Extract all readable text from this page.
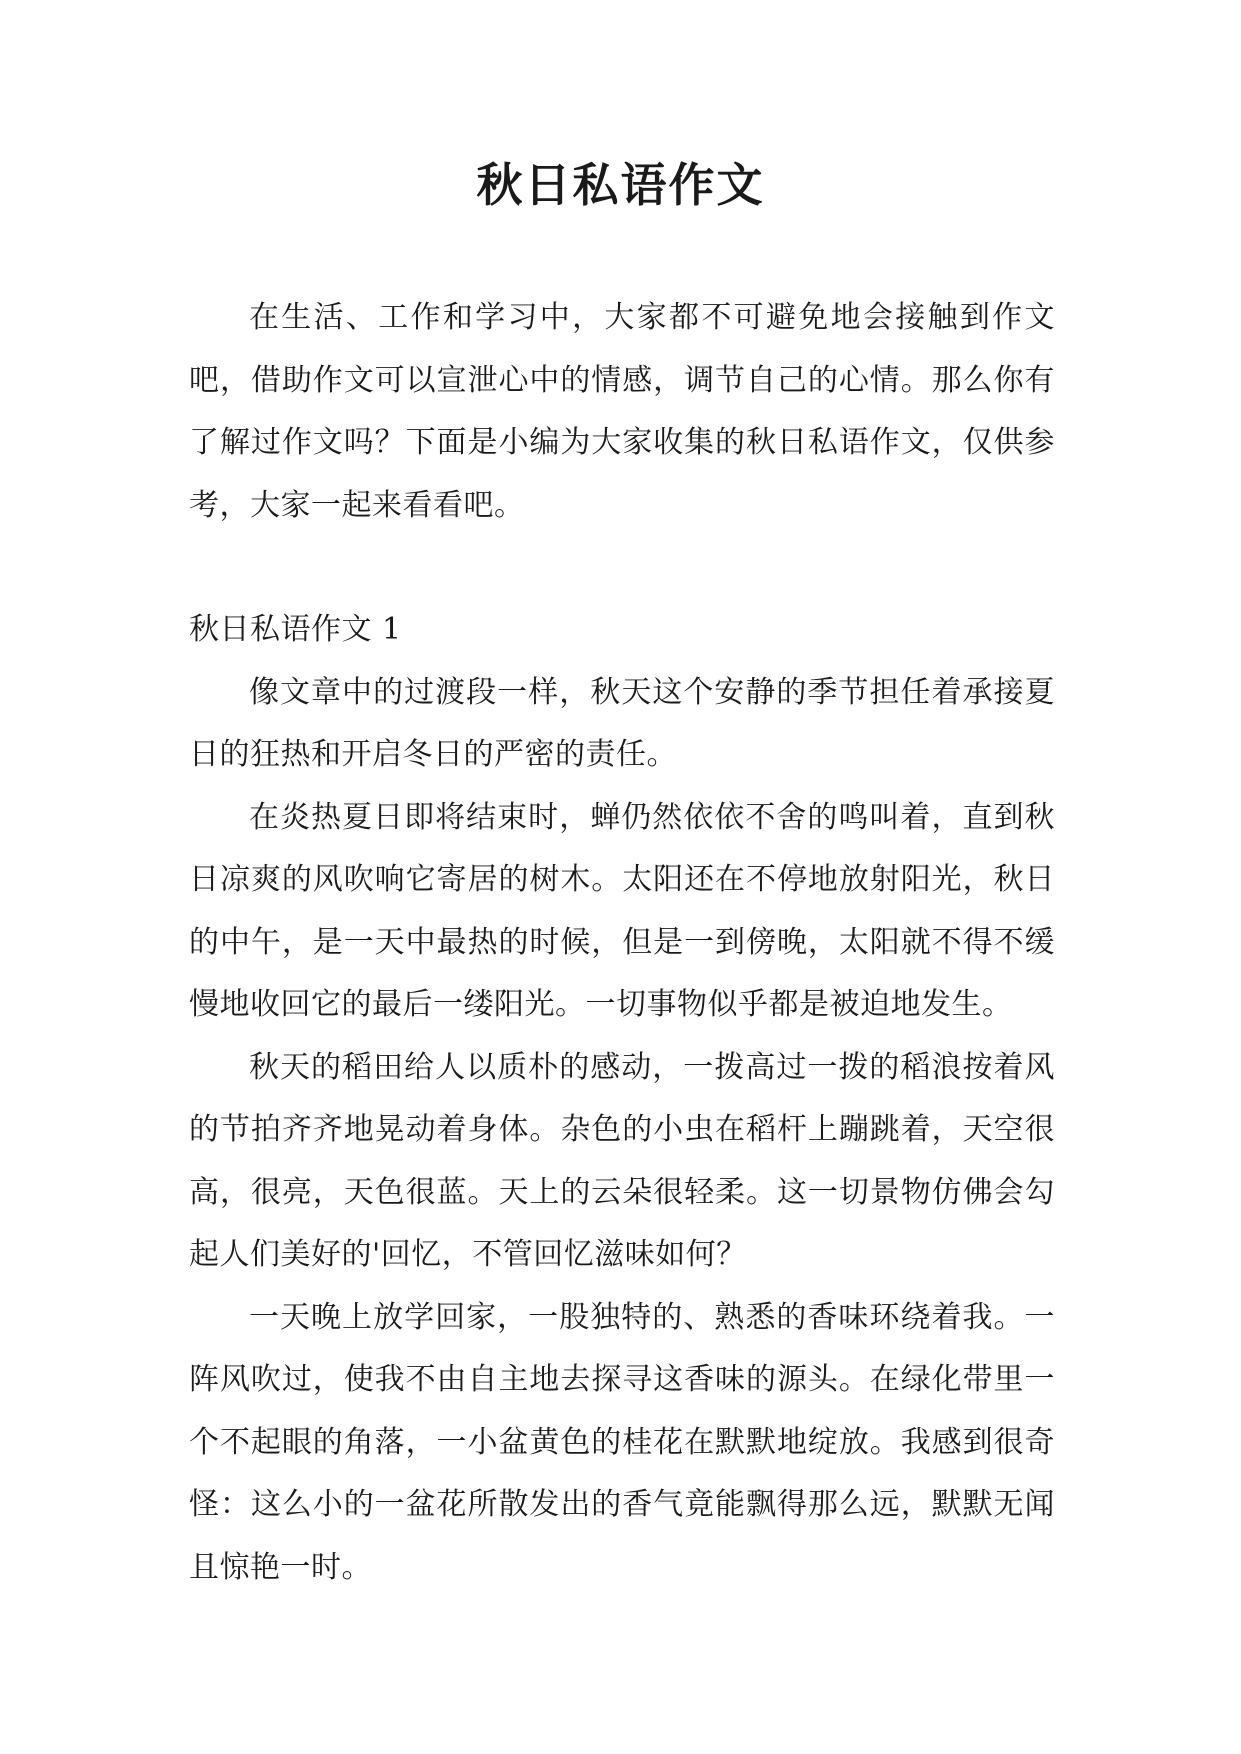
秋日私语作文

在生活、工作和学习中，大家都不可避免地会接触到作文吧，借助作文可以宣泄心中的情感，调节自己的心情。那么你有了解过作文吗？下面是小编为大家收集的秋日私语作文，仅供参考，大家一起来看看吧。

秋日私语作文 1

像文章中的过渡段一样，秋天这个安静的季节担任着承接夏日的狂热和开启冬日的严密的责任。

在炎热夏日即将结束时，蝉仍然依依不舍的鸣叫着，直到秋日凉爽的风吹响它寄居的树木。太阳还在不停地放射阳光，秋日的中午，是一天中最热的时候，但是一到傍晚，太阳就不得不缓慢地收回它的最后一缕阳光。一切事物似乎都是被迫地发生。

秋天的稻田给人以质朴的感动，一拨高过一拨的稻浪按着风的节拍齐齐地晃动着身体。杂色的小虫在稻杆上蹦跳着，天空很高，很亮，天色很蓝。天上的云朵很轻柔。这一切景物仿佛会勾起人们美好的'回忆，不管回忆滋味如何？

一天晚上放学回家，一股独特的、熟悉的香味环绕着我。一阵风吹过，使我不由自主地去探寻这香味的源头。在绿化带里一个不起眼的角落，一小盆黄色的桂花在默默地绽放。我感到很奇怪：这么小的一盆花所散发出的香气竟能飘得那么远，默默无闻且惊艳一时。
